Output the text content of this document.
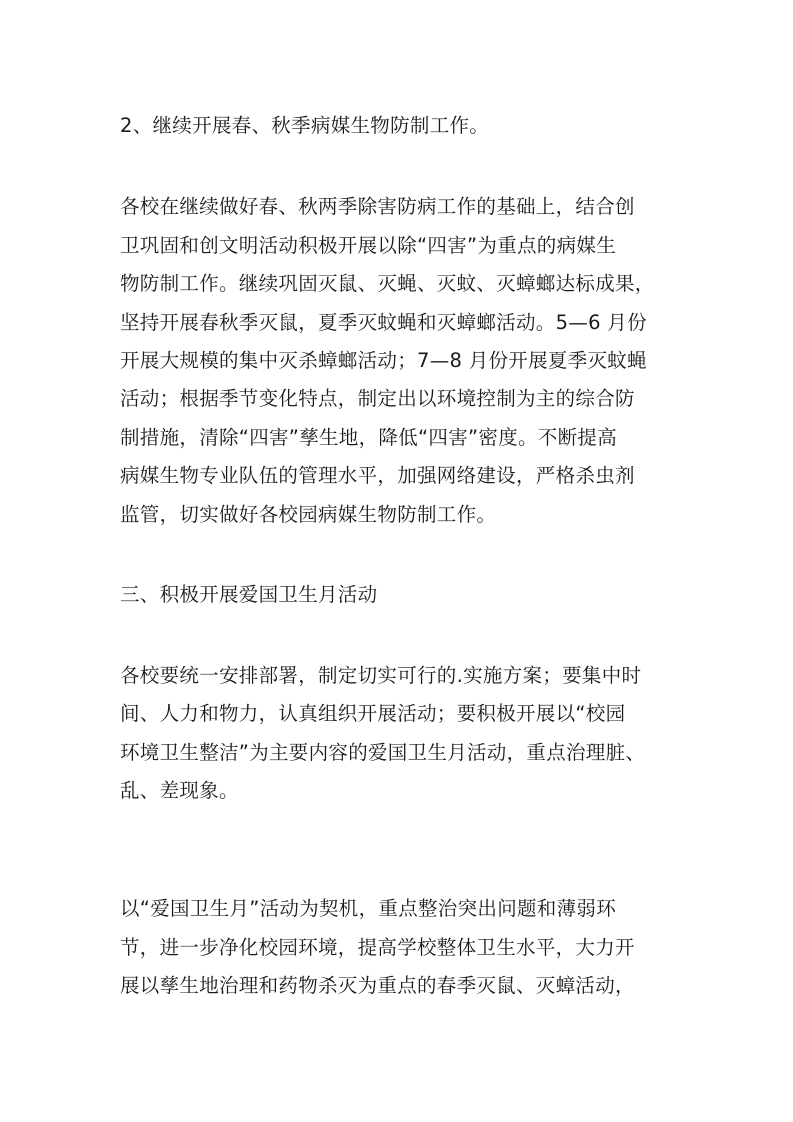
2、继续开展春、秋季病媒生物防制工作。
各校在继续做好春、秋两季除害防病工作的基础上，结合创
卫巩固和创文明活动积极开展以除“四害”为重点的病媒生
物防制工作。继续巩固灭鼠、灭蝇、灭蚊、灭蟑螂达标成果，
坚持开展春秋季灭鼠，夏季灭蚊蝇和灭蟑螂活动。5—6 月份
开展大规模的集中灭杀蟑螂活动；7—8 月份开展夏季灭蚊蝇
活动；根据季节变化特点，制定出以环境控制为主的综合防
制措施，清除“四害”孳生地，降低“四害”密度。不断提高
病媒生物专业队伍的管理水平，加强网络建设，严格杀虫剂
监管，切实做好各校园病媒生物防制工作。
三、积极开展爱国卫生月活动
各校要统一安排部署，制定切实可行的.实施方案；要集中时
间、人力和物力，认真组织开展活动；要积极开展以“校园
环境卫生整洁”为主要内容的爱国卫生月活动，重点治理脏、
乱、差现象。
以“爱国卫生月”活动为契机，重点整治突出问题和薄弱环
节，进一步净化校园环境，提高学校整体卫生水平，大力开
展以孳生地治理和药物杀灭为重点的春季灭鼠、灭蟑活动，
